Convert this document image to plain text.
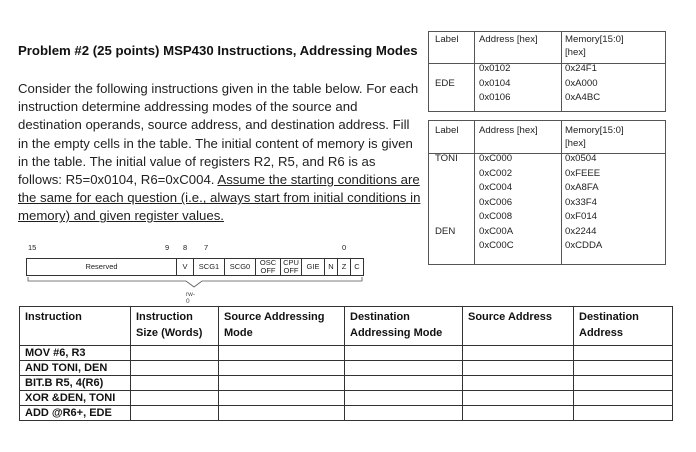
Problem #2 (25 points) MSP430 Instructions, Addressing Modes
Consider the following instructions given in the table below. For each instruction determine addressing modes of the source and destination operands, source address, and destination address. Fill in the empty cells in the table. The initial content of memory is given in the table. The initial value of registers R2, R5, and R6 is as follows: R5=0x0104, R6=0xC004. Assume the starting conditions are the same for each question (i.e., always start from initial conditions in memory) and given register values.
Label	Address [hex]	Memory[15:0] [hex]

	0x0102	0x24F1
EDE	0x0104	0xA000
	0x0106	0xA4BC
Label	Address [hex]	Memory[15:0] [hex]

TONI	0xC000	0x0504
	0xC002	0xFEEE
	0xC004	0xA8FA
	0xC006	0x33F4
	0xC008	0xF014
DEN	0xC00A	0x2244
	0xC00C	0xCDDA
15	9 8 7	0
Reserved	V	SCG1	SCG0	OSC OFF
CPU OFF	GIE	N	Z	C
rw-0
Instruction	Instruction Size (Words)	Source Addressing Mode	Destination Addressing Mode	Source Address	Destination Address
MOV #6, R3					
AND TONI, DEN					
BIT.B R5, 4(R6)					
XOR &DEN, TONI					
ADD @R6+, EDE					
